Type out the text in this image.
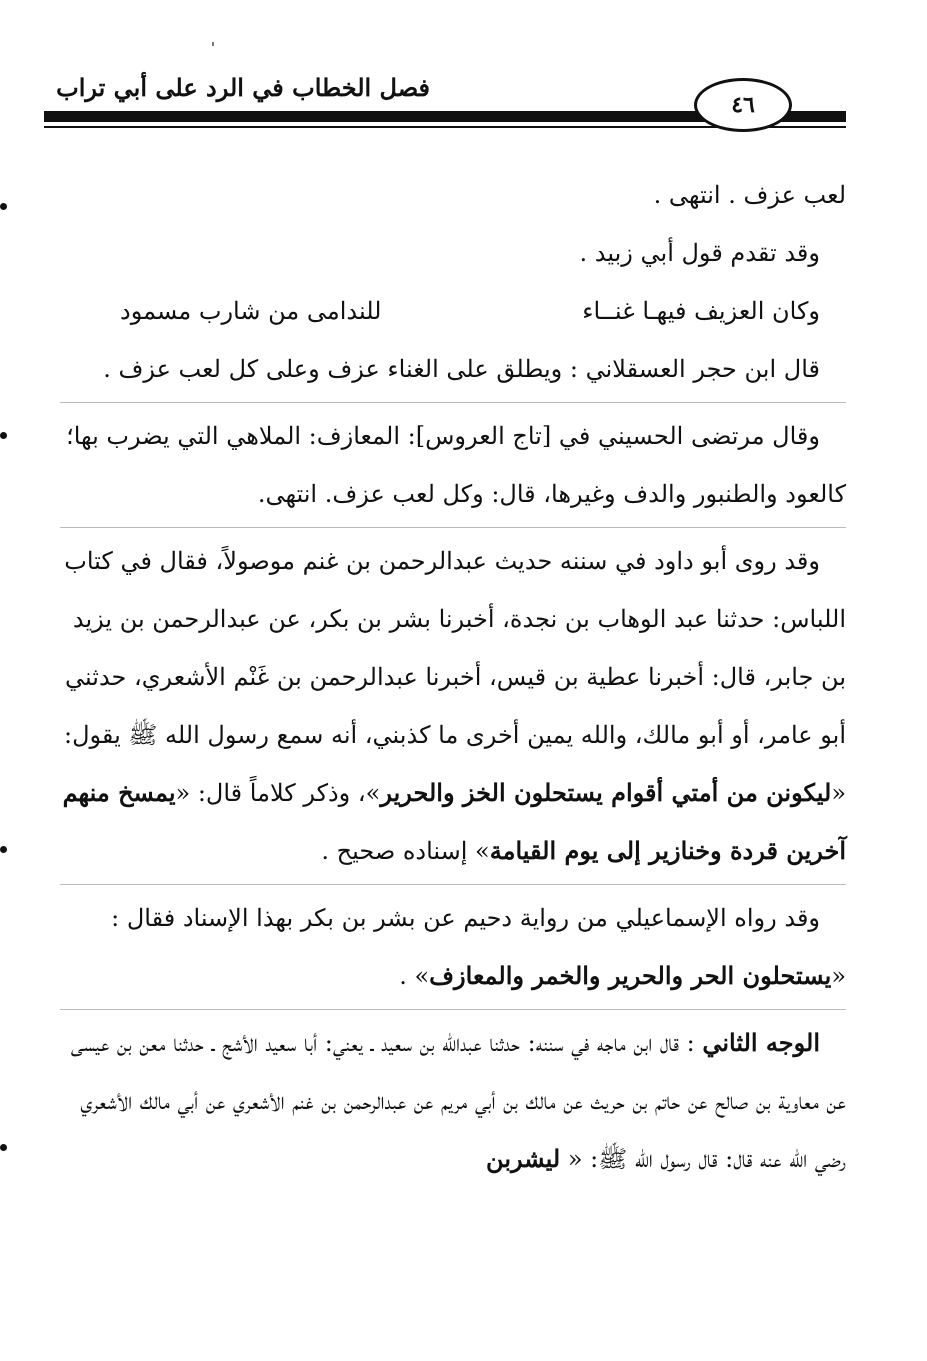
فصل الخطاب في الرد على أبي تراب
٤٦

لعب عزف . انتهى .

وقد تقدم قول أبي زبيد .

وكان العزيف فيهـا غنــاء
للندامى من شارب مسمود

قال ابن حجر العسقلاني : ويطلق على الغناء عزف وعلى كل لعب عزف .

وقال مرتضى الحسيني في [تاج العروس]: المعازف: الملاهي التي يضرب بها؛ كالعود والطنبور والدف وغيرها، قال: وكل لعب عزف. انتهى.

وقد روى أبو داود في سننه حديث عبدالرحمن بن غنم موصولاً، فقال في كتاب اللباس: حدثنا عبد الوهاب بن نجدة، أخبرنا بشر بن بكر، عن عبدالرحمن بن يزيد بن جابر، قال: أخبرنا عطية بن قيس، أخبرنا عبدالرحمن بن غَنْم الأشعري، حدثني أبو عامر، أو أبو مالك، والله يمين أخرى ما كذبني، أنه سمع رسول الله ﷺ يقول: «ليكونن من أمتي أقوام يستحلون الخز والحرير»، وذكر كلاماً قال: «يمسخ منهم آخرين قردة وخنازير إلى يوم القيامة» إسناده صحيح .

وقد رواه الإسماعيلي من رواية دحيم عن بشر بن بكر بهذا الإسناد فقال : «يستحلون الحر والحرير والخمر والمعازف» .

الوجه الثاني : قال ابن ماجه في سننه: حدثنا عبدالله بن سعيد ـ يعني: أبا سعيد الأشج ـ حدثنا معن بن عيسى عن معاوية بن صالح عن حاتم بن حريث عن مالك بن أبي مريم عن عبدالرحمن بن غنم الأشعري عن أبي مالك الأشعري رضي الله عنه قال: قال رسول الله ﷺ: « ليشربن
